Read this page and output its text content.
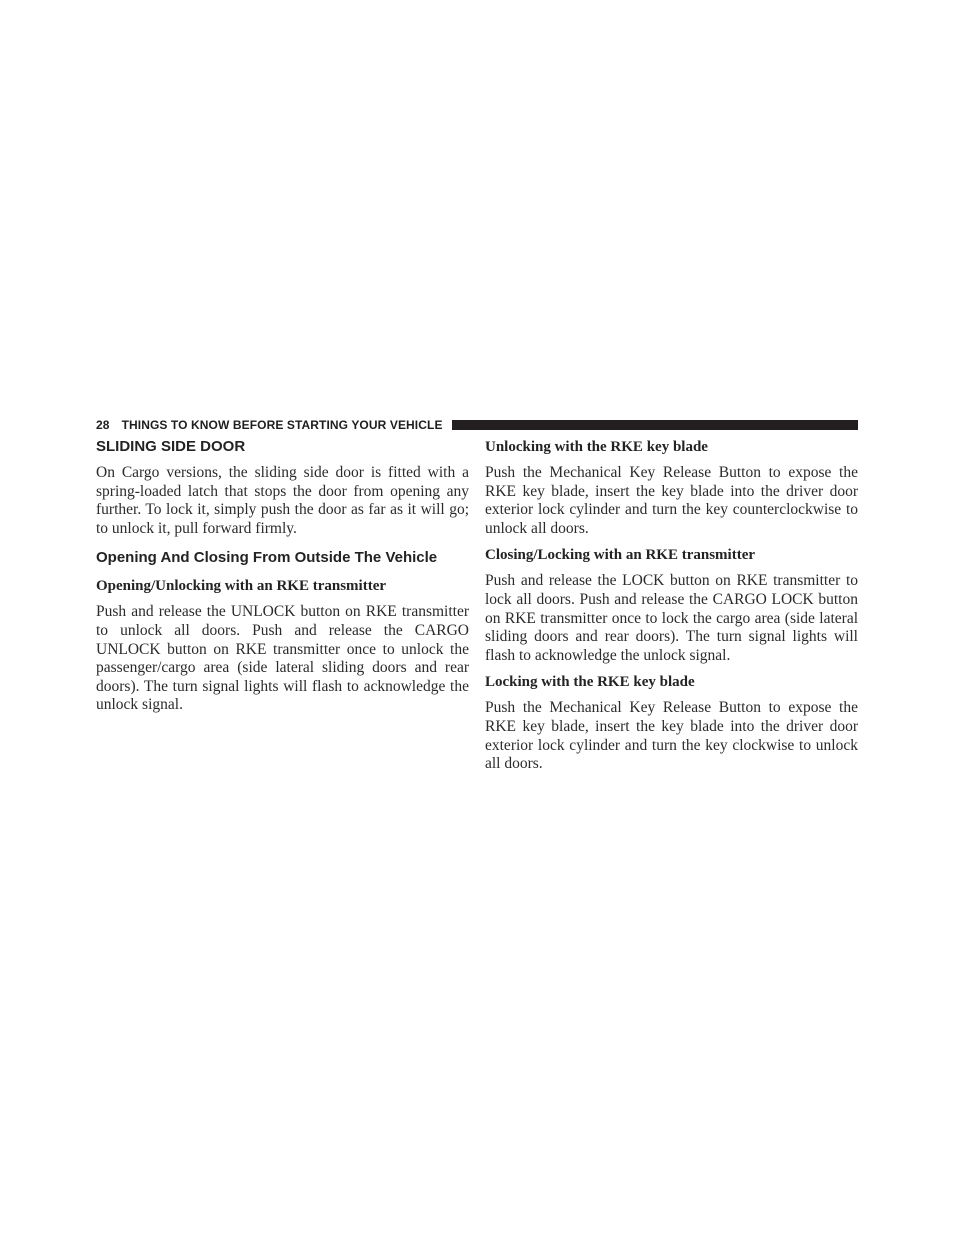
28 THINGS TO KNOW BEFORE STARTING YOUR VEHICLE
SLIDING SIDE DOOR

On Cargo versions, the sliding side door is fitted with a spring-loaded latch that stops the door from opening any further. To lock it, simply push the door as far as it will go; to unlock it, pull forward firmly.

Opening And Closing From Outside The Vehicle
Opening/Unlocking with an RKE transmitter

Push and release the UNLOCK button on RKE transmitter to unlock all doors. Push and release the CARGO UNLOCK button on RKE transmitter once to unlock the passenger/cargo area (side lateral sliding doors and rear doors). The turn signal lights will flash to acknowledge the unlock signal.

Unlocking with the RKE key blade

Push the Mechanical Key Release Button to expose the RKE key blade, insert the key blade into the driver door exterior lock cylinder and turn the key counterclockwise to unlock all doors.

Closing/Locking with an RKE transmitter

Push and release the LOCK button on RKE transmitter to lock all doors. Push and release the CARGO LOCK button on RKE transmitter once to lock the cargo area (side lateral sliding doors and rear doors). The turn signal lights will flash to acknowledge the unlock signal.

Locking with the RKE key blade

Push the Mechanical Key Release Button to expose the RKE key blade, insert the key blade into the driver door exterior lock cylinder and turn the key clockwise to unlock all doors.
